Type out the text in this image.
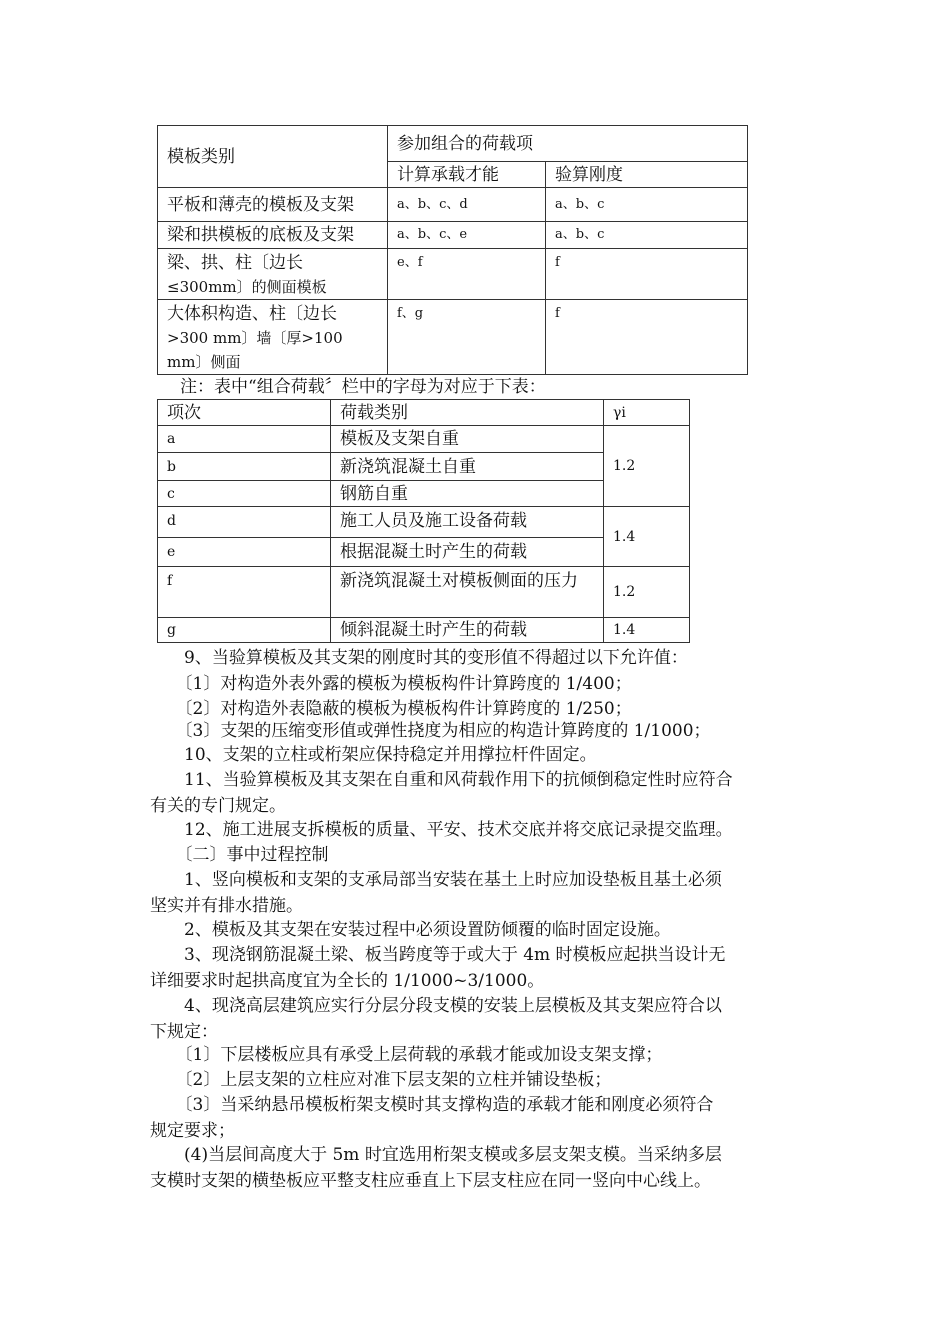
模板类别	参加组合的荷载项	
	计算承载才能	验算刚度

平板和薄壳的模板及支架	a、b、c、d	a、b、c

梁和拱模板的底板及支架	a、b、c、e	a、b、c

梁、拱、柱〔边长
≤300mm〕的侧面模板	e、f	f

大体积构造、柱〔边长
>300 mm〕墙〔厚>100
mm〕侧面	f、g	f
注：表中“组合荷载〞栏中的字母为对应于下表：
项次	荷载类别	γi
a	模板及支架自重	1.2
b	新浇筑混凝土自重	
c	钢筋自重	
d	施工人员及施工设备荷载	1.4
e	根据混凝土时产生的荷载	
f	新浇筑混凝土对模板侧面的压力	1.2
g	倾斜混凝土时产生的荷载	1.4

　　9、当验算模板及其支架的刚度时其的变形值不得超过以下允许值：

　　〔1〕对构造外表外露的模板为模板构件计算跨度的 1/400；

　　〔2〕对构造外表隐蔽的模板为模板构件计算跨度的 1/250；

　　〔3〕支架的压缩变形值或弹性挠度为相应的构造计算跨度的 1/1000；

　　10、支架的立柱或桁架应保持稳定并用撑拉杆件固定。

　　11、当验算模板及其支架在自重和风荷载作用下的抗倾倒稳定性时应符合
有关的专门规定。

　　12、施工进展支拆模板的质量、平安、技术交底并将交底记录提交监理。

　　〔二〕事中过程控制

　　1、竖向模板和支架的支承局部当安装在基土上时应加设垫板且基土必须
坚实并有排水措施。

　　2、模板及其支架在安装过程中必须设置防倾覆的临时固定设施。

　　3、现浇钢筋混凝土梁、板当跨度等于或大于 4m 时模板应起拱当设计无
详细要求时起拱高度宜为全长的 1/1000~3/1000。

　　4、现浇高层建筑应实行分层分段支模的安装上层模板及其支架应符合以
下规定：

　　〔1〕下层楼板应具有承受上层荷载的承载才能或加设支架支撑；

　　〔2〕上层支架的立柱应对准下层支架的立柱并铺设垫板；

　　〔3〕当采纳悬吊模板桁架支模时其支撑构造的承载才能和刚度必须符合
规定要求；

　　(4)当层间高度大于 5m 时宜选用桁架支模或多层支架支模。当采纳多层
支模时支架的横垫板应平整支柱应垂直上下层支柱应在同一竖向中心线上。
